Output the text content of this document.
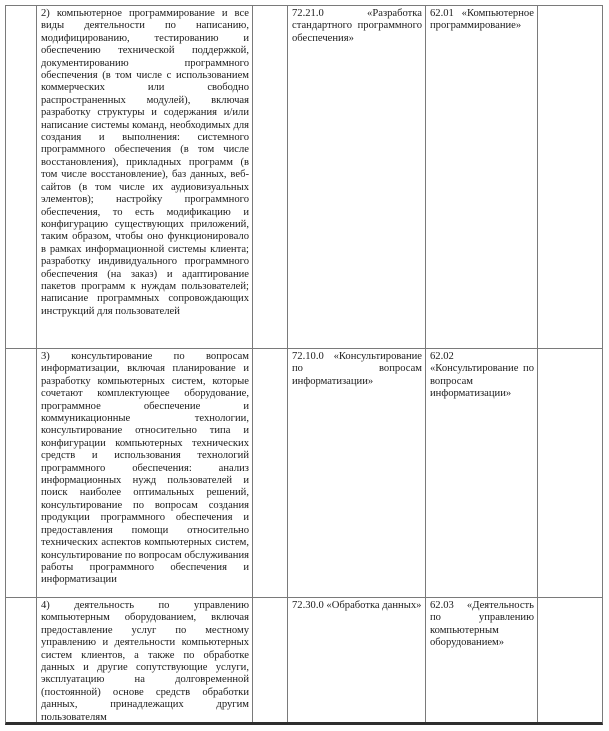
2) компьютерное программирование и все виды деятельности по написанию, модифицированию, тестированию и обеспечению технической поддержкой, документированию программного обеспечения (в том числе с использованием коммерческих или свободно распространенных модулей), включая разработку структуры и содержания и/или написание системы команд, необходимых для создания и выполнения: системного программного обеспечения (в том числе восстановления), прикладных программ (в том числе восстановление), баз данных, веб-сайтов (в том числе их аудиовизуальных элементов); настройку программного обеспечения, то есть модификацию и конфигурацию существующих приложений, таким образом, чтобы оно функционировало в рамках информационной системы клиента; разработку индивидуального программного обеспечения (на заказ) и адаптирование пакетов программ к нуждам пользователей; написание программных сопровождающих инструкций для пользователей
72.21.0 «Разработка стандартного программного обеспечения»
62.01 «Компьютерное программирование»
3) консультирование по вопросам информатизации, включая планирование и разработку компьютерных систем, которые сочетают комплектующее оборудование, программное обеспечение и коммуникационные технологии, консультирование относительно типа и конфигурации компьютерных технических средств и использования технологий программного обеспечения: анализ информационных нужд пользователей и поиск наиболее оптимальных решений, консультирование по вопросам создания продукции программного обеспечения и предоставления помощи относительно технических аспектов компьютерных систем, консультирование по вопросам обслуживания работы программного обеспечения и информатизации
72.10.0 «Консультирование по вопросам информатизации»
62.02 «Консультирование по вопросам информатизации»
4) деятельность по управлению компьютерным оборудованием, включая предоставление услуг по местному управлению и деятельности компьютерных систем клиентов, а также по обработке данных и другие сопутствующие услуги, эксплуатацию на долговременной (постоянной) основе средств обработки данных, принадлежащих другим пользователям
72.30.0 «Обработка данных» 62.03 «Деятельность по управлению компьютерным оборудованием»
